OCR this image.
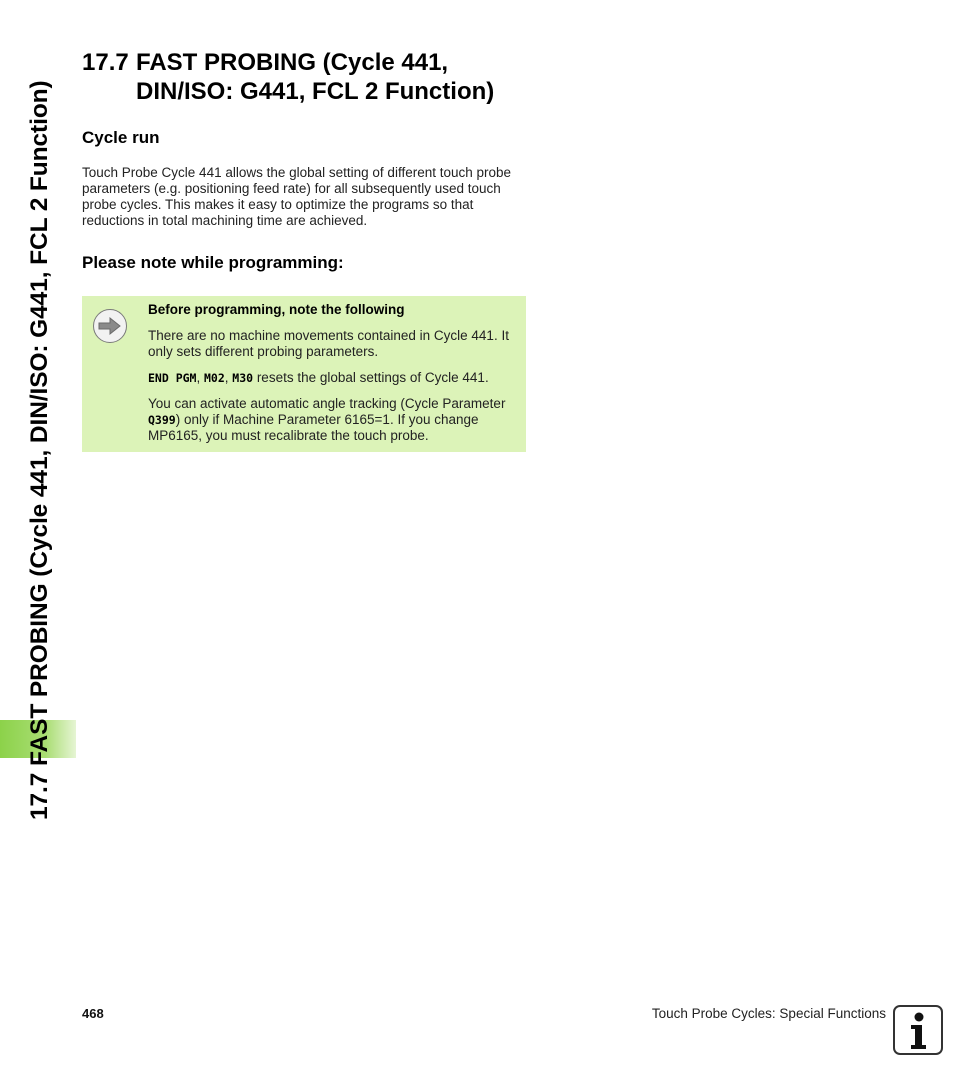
17.7 FAST PROBING (Cycle 441, DIN/ISO: G441, FCL 2 Function)
17.7 FAST PROBING (Cycle 441,
DIN/ISO: G441, FCL 2 Function)
Cycle run
Touch Probe Cycle 441 allows the global setting of different touch probe parameters (e.g. positioning feed rate) for all subsequently used touch probe cycles. This makes it easy to optimize the programs so that reductions in total machining time are achieved.
Please note while programming:
Before programming, note the following

There are no machine movements contained in Cycle 441. It only sets different probing parameters.

END PGM, M02, M30 resets the global settings of Cycle 441.

You can activate automatic angle tracking (Cycle Parameter Q399) only if Machine Parameter 6165=1. If you change MP6165, you must recalibrate the touch probe.

468	Touch Probe Cycles: Special Functions
